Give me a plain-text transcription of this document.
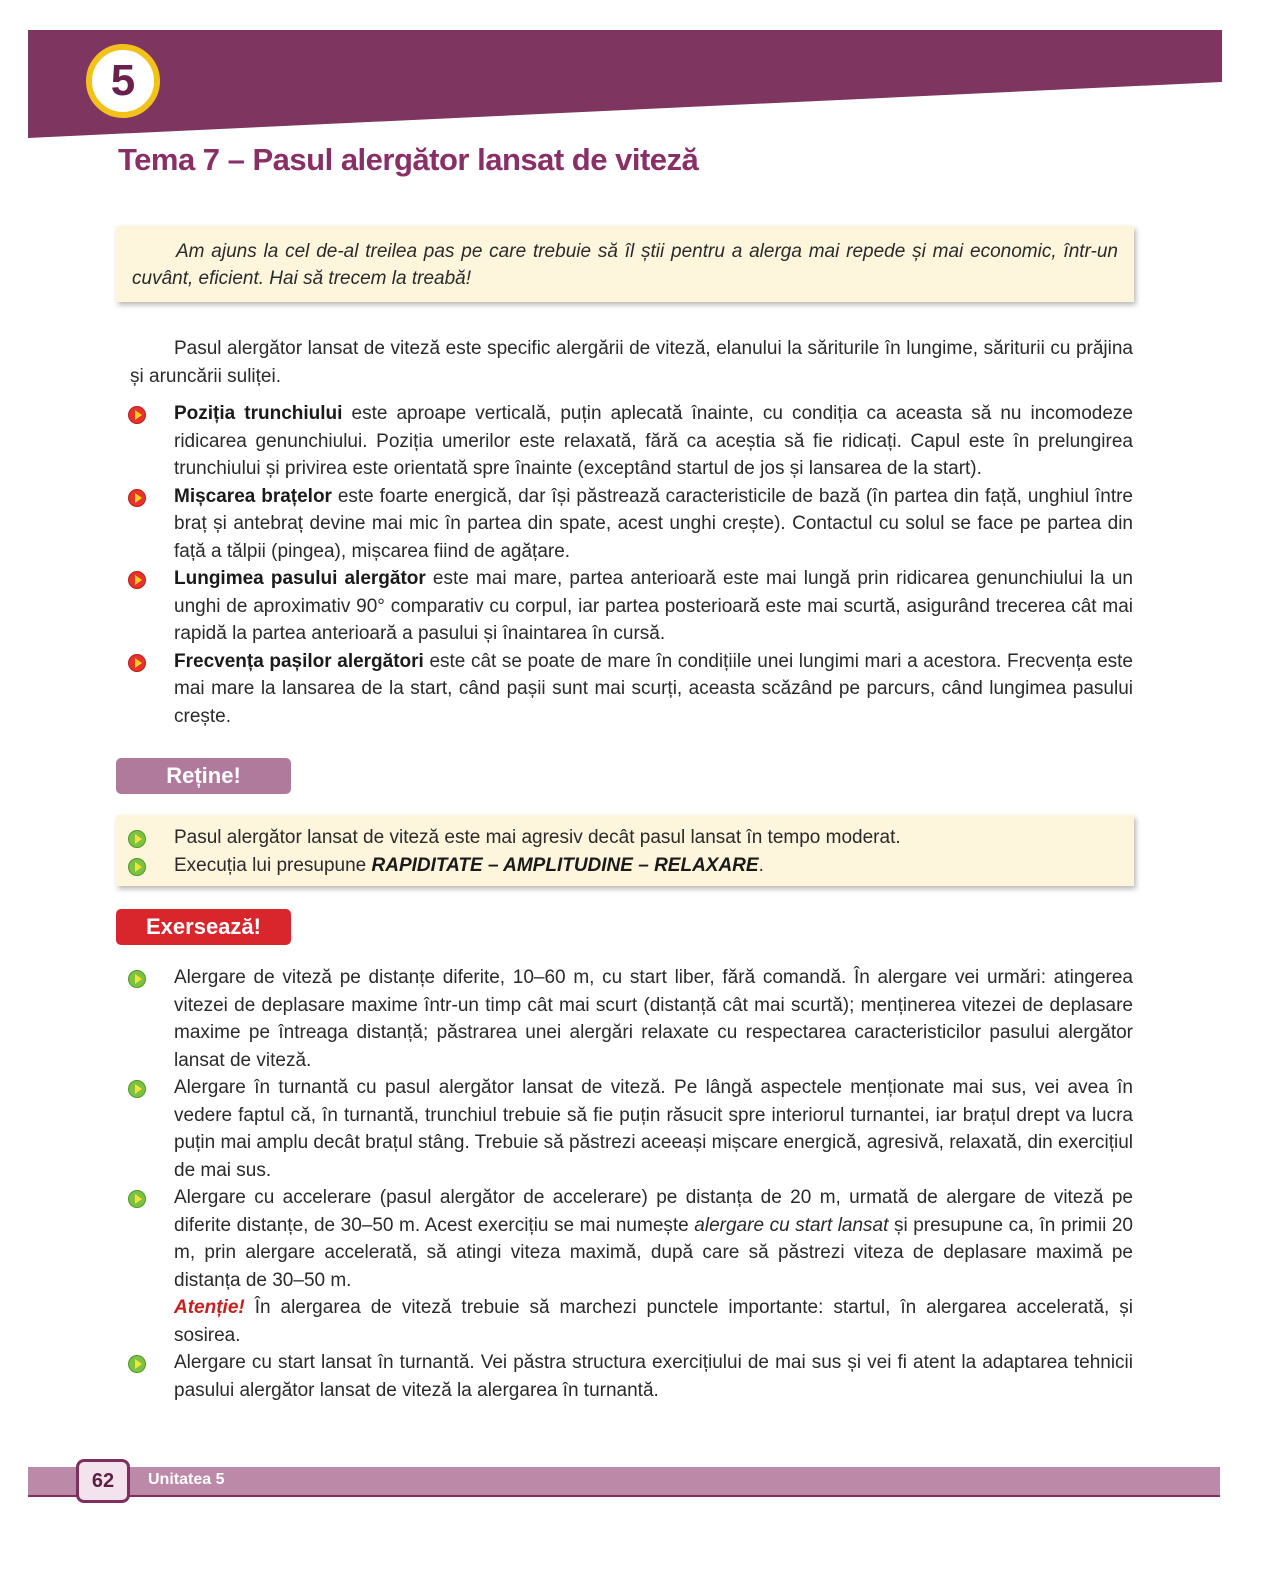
5
Tema 7 – Pasul alergător lansat de viteză
Am ajuns la cel de-al treilea pas pe care trebuie să îl știi pentru a alerga mai repede și mai economic, într-un cuvânt, eficient. Hai să trecem la treabă!

Pasul alergător lansat de viteză este specific alergării de viteză, elanului la săriturile în lungime, săriturii cu prăjina și aruncării suliței.

Poziția trunchiului este aproape verticală, puțin aplecată înainte, cu condiția ca aceasta să nu incomodeze ridicarea genunchiului. Poziția umerilor este relaxată, fără ca aceștia să fie ridicați. Capul este în prelungirea trunchiului și privirea este orientată spre înainte (exceptând startul de jos și lansarea de la start).
Mișcarea brațelor este foarte energică, dar își păstrează caracteristicile de bază (în partea din față, unghiul între braț și antebraț devine mai mic în partea din spate, acest unghi crește). Contactul cu solul se face pe partea din față a tălpii (pingea), mișcarea fiind de agățare.
Lungimea pasului alergător este mai mare, partea anterioară este mai lungă prin ridicarea genunchiului la un unghi de aproximativ 90° comparativ cu corpul, iar partea posterioară este mai scurtă, asigurând trecerea cât mai rapidă la partea anterioară a pasului și înaintarea în cursă.
Frecvența pașilor alergători este cât se poate de mare în condițiile unei lungimi mari a acestora. Frecvența este mai mare la lansarea de la start, când pașii sunt mai scurți, aceasta scăzând pe parcurs, când lungimea pasului crește.
Reține!
Pasul alergător lansat de viteză este mai agresiv decât pasul lansat în tempo moderat.
Execuția lui presupune RAPIDITATE – AMPLITUDINE – RELAXARE.
Exersează!
Alergare de viteză pe distanțe diferite, 10–60 m, cu start liber, fără comandă. În alergare vei urmări: atingerea vitezei de deplasare maxime într-un timp cât mai scurt (distanță cât mai scurtă); menținerea vitezei de deplasare maxime pe întreaga distanță; păstrarea unei alergări relaxate cu respectarea caracteristicilor pasului alergător lansat de viteză.
Alergare în turnantă cu pasul alergător lansat de viteză. Pe lângă aspectele menționate mai sus, vei avea în vedere faptul că, în turnantă, trunchiul trebuie să fie puțin răsucit spre interiorul turnantei, iar brațul drept va lucra puțin mai amplu decât brațul stâng. Trebuie să păstrezi aceeași mișcare energică, agresivă, relaxată, din exercițiul de mai sus.
Alergare cu accelerare (pasul alergător de accelerare) pe distanța de 20 m, urmată de alergare de viteză pe diferite distanțe, de 30–50 m. Acest exercițiu se mai numește alergare cu start lansat și presupune ca, în primii 20 m, prin alergare accelerată, să atingi viteza maximă, după care să păstrezi viteza de deplasare maximă pe distanța de 30–50 m.
Atenție! În alergarea de viteză trebuie să marchezi punctele importante: startul, în alergarea accelerată, și sosirea.
Alergare cu start lansat în turnantă. Vei păstra structura exercițiului de mai sus și vei fi atent la adaptarea tehnicii pasului alergător lansat de viteză la alergarea în turnantă.
62 Unitatea 5
